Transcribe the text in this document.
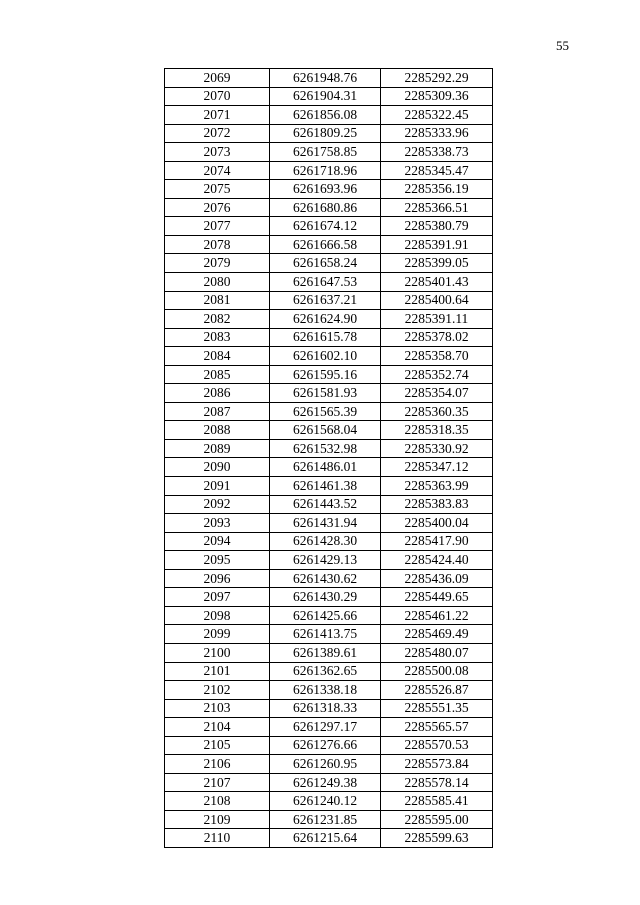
55
2069	6261948.76	2285292.29
2070	6261904.31	2285309.36
2071	6261856.08	2285322.45
2072	6261809.25	2285333.96
2073	6261758.85	2285338.73
2074	6261718.96	2285345.47
2075	6261693.96	2285356.19
2076	6261680.86	2285366.51
2077	6261674.12	2285380.79
2078	6261666.58	2285391.91
2079	6261658.24	2285399.05
2080	6261647.53	2285401.43
2081	6261637.21	2285400.64
2082	6261624.90	2285391.11
2083	6261615.78	2285378.02
2084	6261602.10	2285358.70
2085	6261595.16	2285352.74
2086	6261581.93	2285354.07
2087	6261565.39	2285360.35
2088	6261568.04	2285318.35
2089	6261532.98	2285330.92
2090	6261486.01	2285347.12
2091	6261461.38	2285363.99
2092	6261443.52	2285383.83
2093	6261431.94	2285400.04
2094	6261428.30	2285417.90
2095	6261429.13	2285424.40
2096	6261430.62	2285436.09
2097	6261430.29	2285449.65
2098	6261425.66	2285461.22
2099	6261413.75	2285469.49
2100	6261389.61	2285480.07
2101	6261362.65	2285500.08
2102	6261338.18	2285526.87
2103	6261318.33	2285551.35
2104	6261297.17	2285565.57
2105	6261276.66	2285570.53
2106	6261260.95	2285573.84
2107	6261249.38	2285578.14
2108	6261240.12	2285585.41
2109	6261231.85	2285595.00
2110	6261215.64	2285599.63
